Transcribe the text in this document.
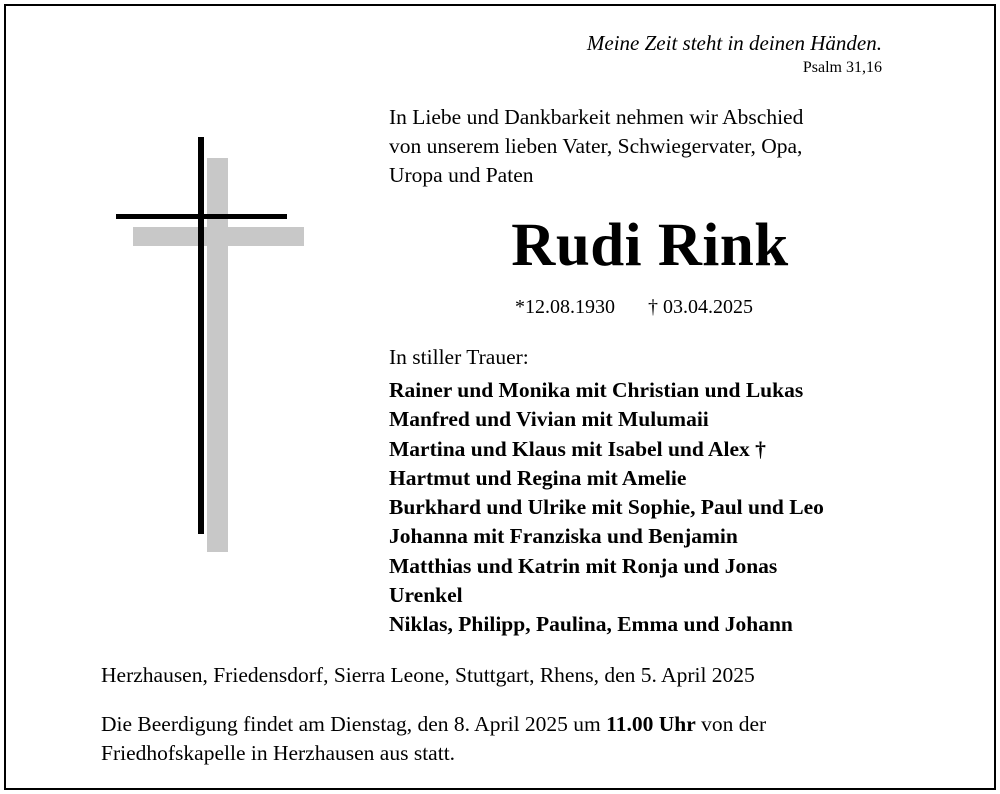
Meine Zeit steht in deinen Händen.
Psalm 31,16
In Liebe und Dankbarkeit nehmen wir Abschied
von unserem lieben Vater, Schwiegervater, Opa,
Uropa und Paten
Rudi Rink
*12.08.1930 † 03.04.2025
In stiller Trauer:
Rainer und Monika mit Christian und Lukas
Manfred und Vivian mit Mulumaii
Martina und Klaus mit Isabel und Alex †
Hartmut und Regina mit Amelie
Burkhard und Ulrike mit Sophie, Paul und Leo
Johanna mit Franziska und Benjamin
Matthias und Katrin mit Ronja und Jonas
Urenkel
Niklas, Philipp, Paulina, Emma und Johann
Herzhausen, Friedensdorf, Sierra Leone, Stuttgart, Rhens, den 5. April 2025
Die Beerdigung findet am Dienstag, den 8. April 2025 um 11.00 Uhr von der
Friedhofskapelle in Herzhausen aus statt.
